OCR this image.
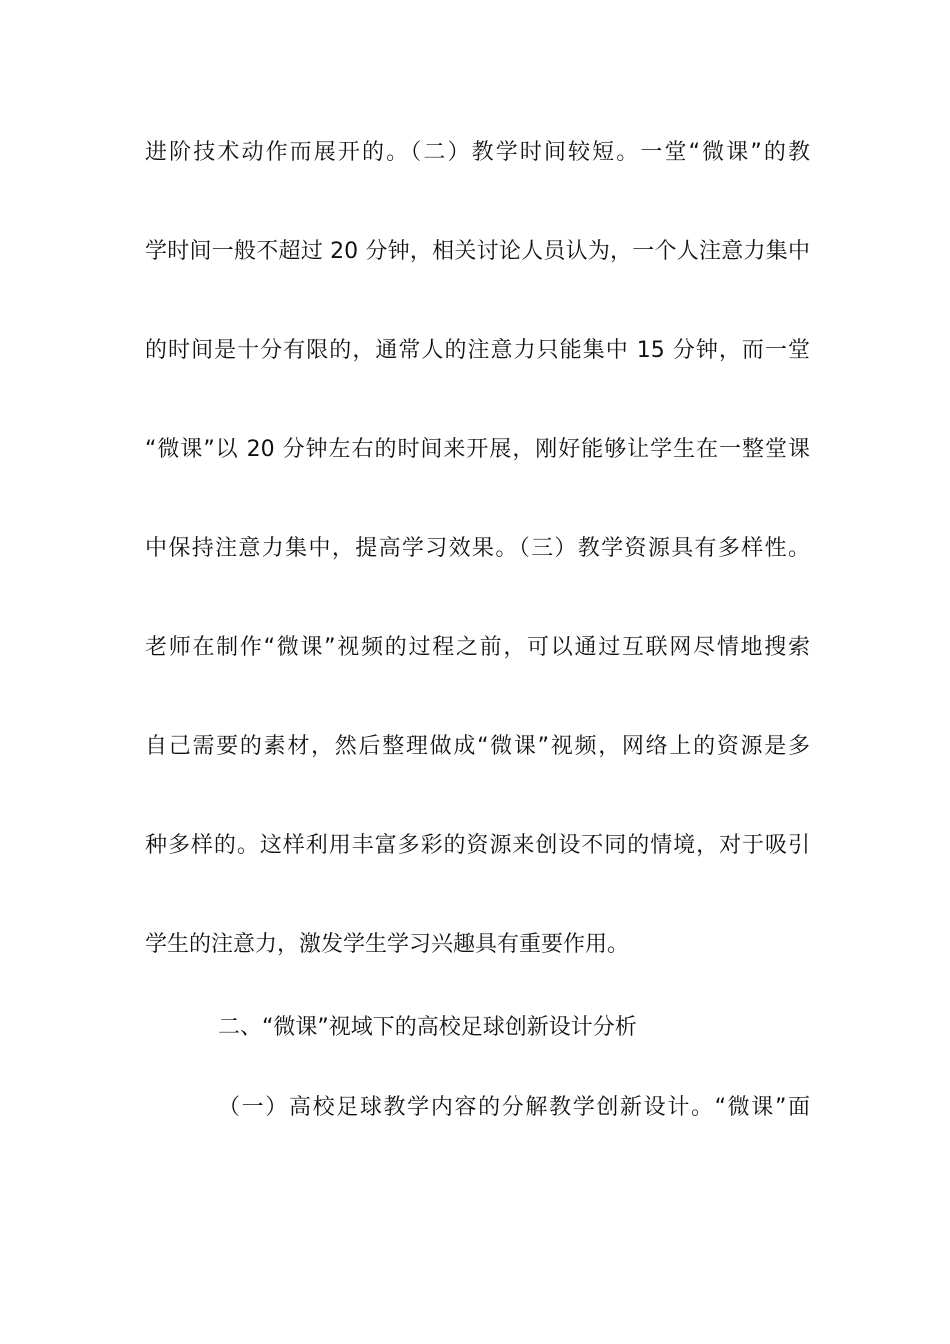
进阶技术动作而展开的。（二）教学时间较短。一堂“微课”的教
学时间一般不超过 20 分钟，相关讨论人员认为，一个人注意力集中
的时间是十分有限的，通常人的注意力只能集中 15 分钟，而一堂
“微课”以 20 分钟左右的时间来开展，刚好能够让学生在一整堂课
中保持注意力集中，提高学习效果。（三）教学资源具有多样性。
老师在制作“微课”视频的过程之前，可以通过互联网尽情地搜索
自己需要的素材，然后整理做成“微课”视频，网络上的资源是多
种多样的。这样利用丰富多彩的资源来创设不同的情境，对于吸引
学生的注意力，激发学生学习兴趣具有重要作用。
二、“微课”视域下的高校足球创新设计分析
（一）高校足球教学内容的分解教学创新设计。“微课”面
